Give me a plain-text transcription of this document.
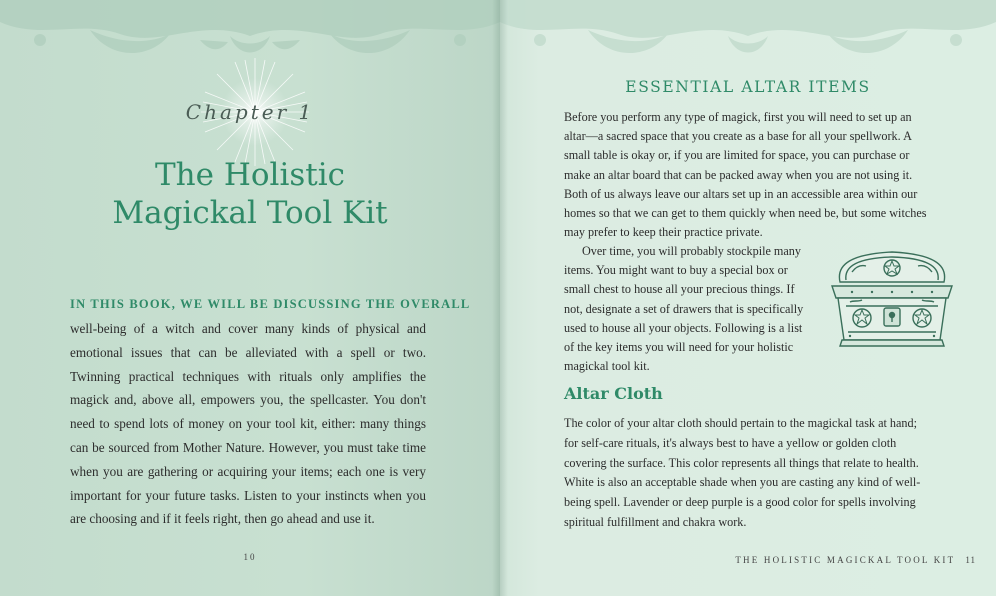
Chapter 1
The Holistic
Magickal Tool Kit
IN THIS BOOK, WE WILL BE DISCUSSING THE OVERALL

well-being of a witch and cover many kinds of physical and emotional issues that can be alleviated with a spell or two. Twinning practical techniques with rituals only amplifies the magick and, above all, empowers you, the spellcaster. You don't need to spend lots of money on your tool kit, either: many things can be sourced from Mother Nature. However, you must take time when you are gathering or acquiring your items; each one is very important for your future tasks. Listen to your instincts when you are choosing and if it feels right, then go ahead and use it.

10
ESSENTIAL ALTAR ITEMS

Before you perform any type of magick, first you will need to set up an altar—a sacred space that you create as a base for all your spellwork. A small table is okay or, if you are limited for space, you can purchase or make an altar board that can be packed away when you are not using it. Both of us always leave our altars set up in an accessible area within our homes so that we can get to them quickly when need be, but some witches may prefer to keep their practice private.

Over time, you will probably stockpile many items. You might want to buy a special box or small chest to house all your precious things. If not, designate a set of drawers that is specifically used to house all your objects. Following is a list of the key items you will need for your holistic magickal tool kit.

Altar Cloth

The color of your altar cloth should pertain to the magickal task at hand; for self-care rituals, it's always best to have a yellow or golden cloth covering the surface. This color represents all things that relate to health. White is also an acceptable shade when you are casting any kind of well-being spell. Lavender or deep purple is a good color for spells involving spiritual fulfillment and chakra work.

THE HOLISTIC MAGICKAL TOOL KIT 11
